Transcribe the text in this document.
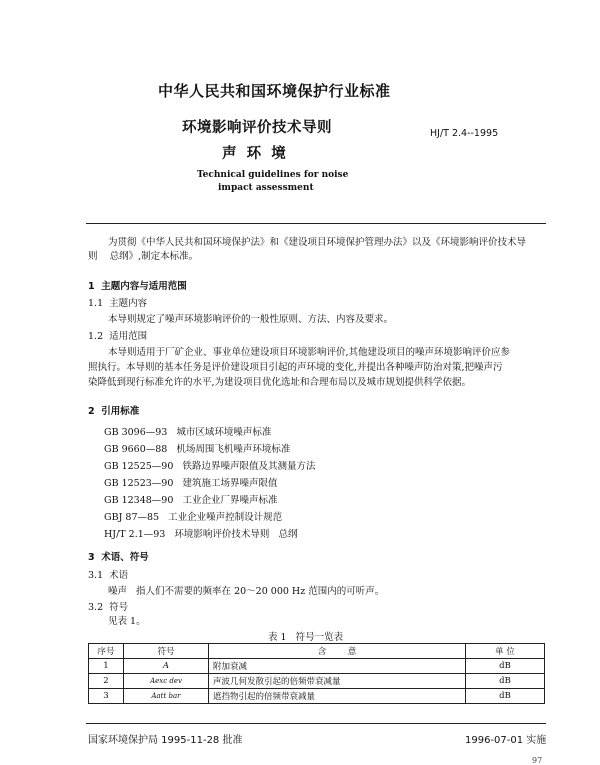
中华人民共和国环境保护行业标准
环境影响评价技术导则
声  环  境
HJ/T 2.4--1995
Technical guidelines for noise
impact assessment
为贯彻《中华人民共和国环境保护法》和《建设项目环境保护管理办法》以及《环境影响评价技术导
则    总纲》,制定本标准。
1  主题内容与适用范围
1.1  主题内容
本导则规定了噪声环境影响评价的一般性原则、方法、内容及要求。
1.2  适用范围
本导则适用于厂矿企业、事业单位建设项目环境影响评价,其他建设项目的噪声环境影响评价应参
照执行。本导则的基本任务是评价建设项目引起的声环境的变化,并提出各种噪声防治对策,把噪声污
染降低到现行标准允许的水平,为建设项目优化选址和合理布局以及城市规划提供科学依据。
2  引用标准
GB 3096—93   城市区域环境噪声标准
GB 9660—88   机场周围飞机噪声环境标准
GB 12525—90   铁路边界噪声限值及其测量方法
GB 12523—90   建筑施工场界噪声限值
GB 12348—90   工业企业厂界噪声标准
GBJ 87—85   工业企业噪声控制设计规范
HJ/T 2.1—93   环境影响评价技术导则   总纲
3  术语、符号
3.1  术语
噪声   指人们不需要的频率在 20～20 000 Hz 范围内的可听声。
3.2  符号
见表 1。
表 1   符号一览表
序号	符号	含        意	单 位
1	A	附加衰减	dB
2	Aexc dev	声波几何发散引起的倍频带衰减量	dB
3	Aatt bar	遮挡物引起的倍频带衰减量	dB
国家环境保护局 1995-11-28 批准	1996-07-01 实施
97
